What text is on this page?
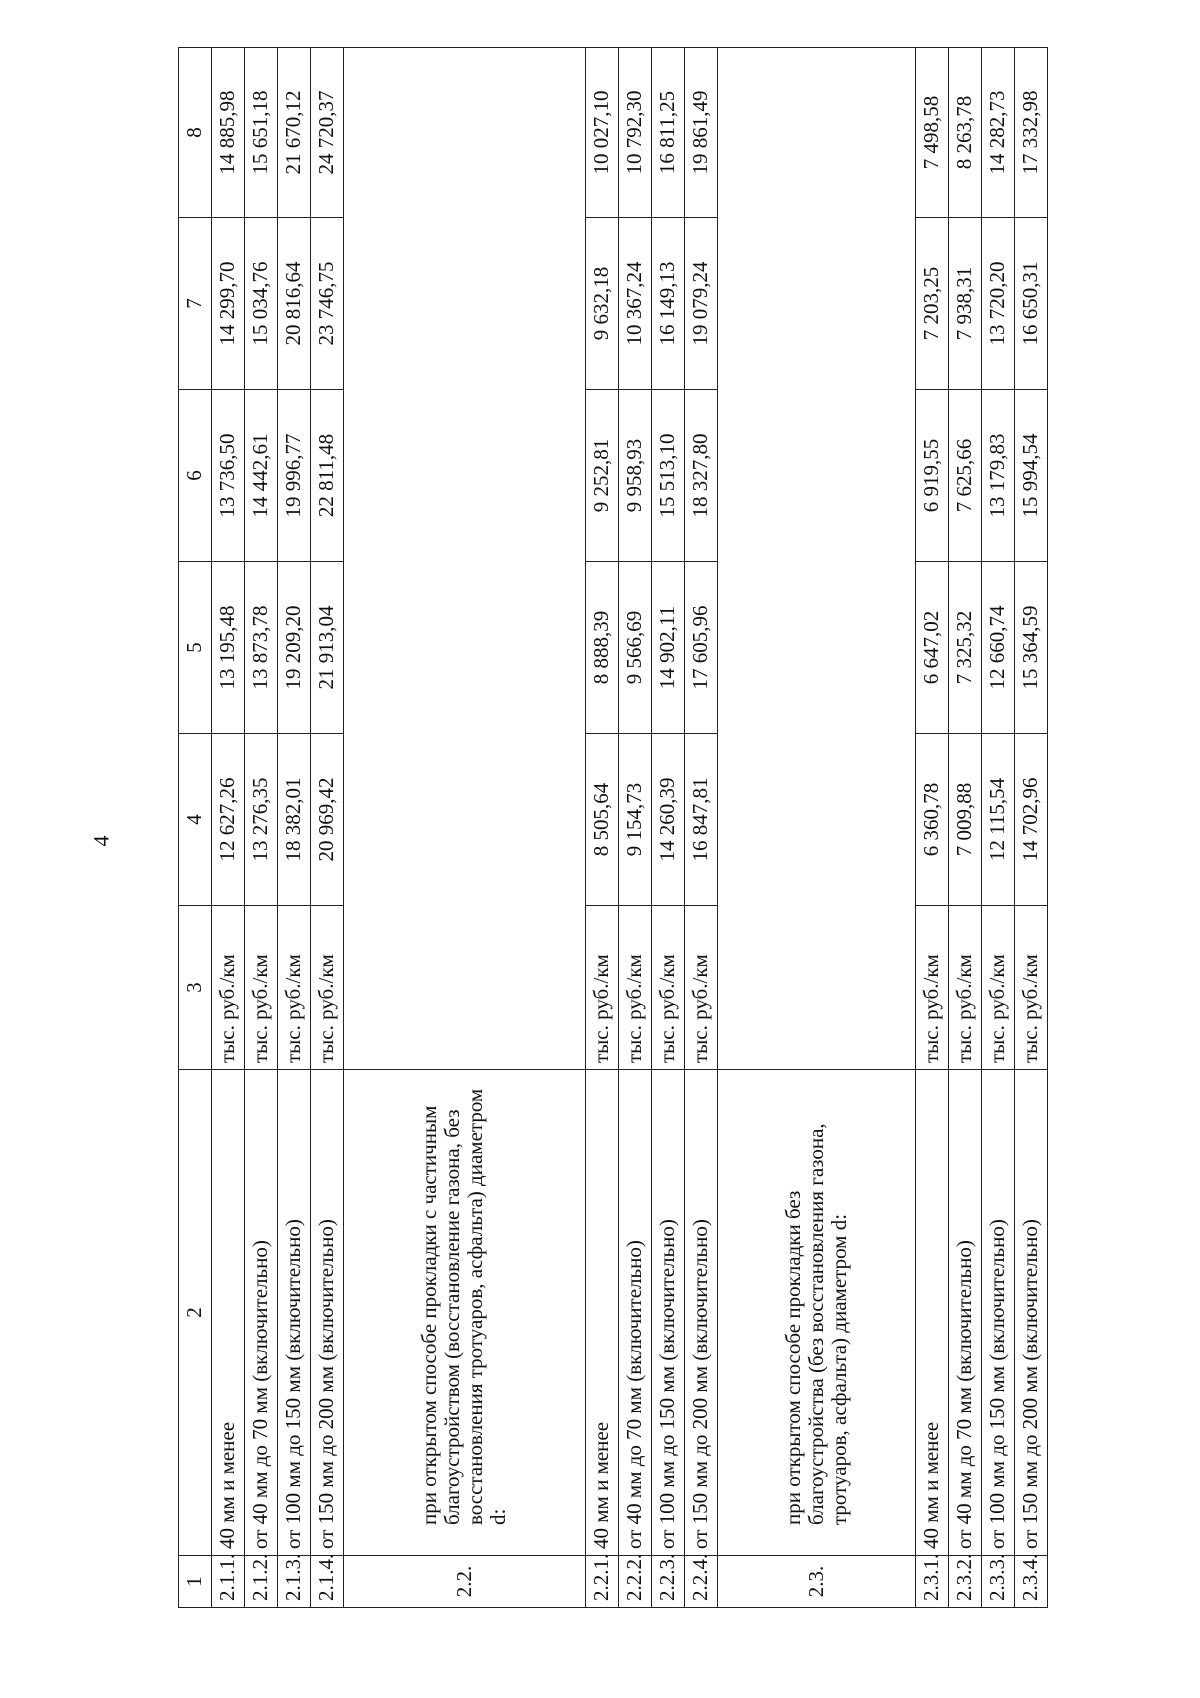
4
1	2	3	4	5	6	7	8
2.1.1.	40 мм и менее	тыс. руб./км	12 627,26	13 195,48	13 736,50	14 299,70	14 885,98
2.1.2.	от 40 мм до 70 мм (включительно)	тыс. руб./км	13 276,35	13 873,78	14 442,61	15 034,76	15 651,18
2.1.3.	от 100 мм до 150 мм (включительно)	тыс. руб./км	18 382,01	19 209,20	19 996,77	20 816,64	21 670,12
2.1.4.	от 150 мм до 200 мм (включительно)	тыс. руб./км	20 969,42	21 913,04	22 811,48	23 746,75	24 720,37
2.2.	при открытом способе прокладки с частичным благоустройством (восстановление газона, без восстановления тротуаров, асфальта) диаметром d:						
2.2.1.	40 мм и менее	тыс. руб./км	8 505,64	8 888,39	9 252,81	9 632,18	10 027,10
2.2.2.	от 40 мм до 70 мм (включительно)	тыс. руб./км	9 154,73	9 566,69	9 958,93	10 367,24	10 792,30
2.2.3.	от 100 мм до 150 мм (включительно)	тыс. руб./км	14 260,39	14 902,11	15 513,10	16 149,13	16 811,25
2.2.4.	от 150 мм до 200 мм (включительно)	тыс. руб./км	16 847,81	17 605,96	18 327,80	19 079,24	19 861,49
2.3.	при открытом способе прокладки без благоустройства (без восстановления газона, тротуаров, асфальта) диаметром d:						
2.3.1.	40 мм и менее	тыс. руб./км	6 360,78	6 647,02	6 919,55	7 203,25	7 498,58
2.3.2.	от 40 мм до 70 мм (включительно)	тыс. руб./км	7 009,88	7 325,32	7 625,66	7 938,31	8 263,78
2.3.3.	от 100 мм до 150 мм (включительно)	тыс. руб./км	12 115,54	12 660,74	13 179,83	13 720,20	14 282,73
2.3.4.	от 150 мм до 200 мм (включительно)	тыс. руб./км	14 702,96	15 364,59	15 994,54	16 650,31	17 332,98
